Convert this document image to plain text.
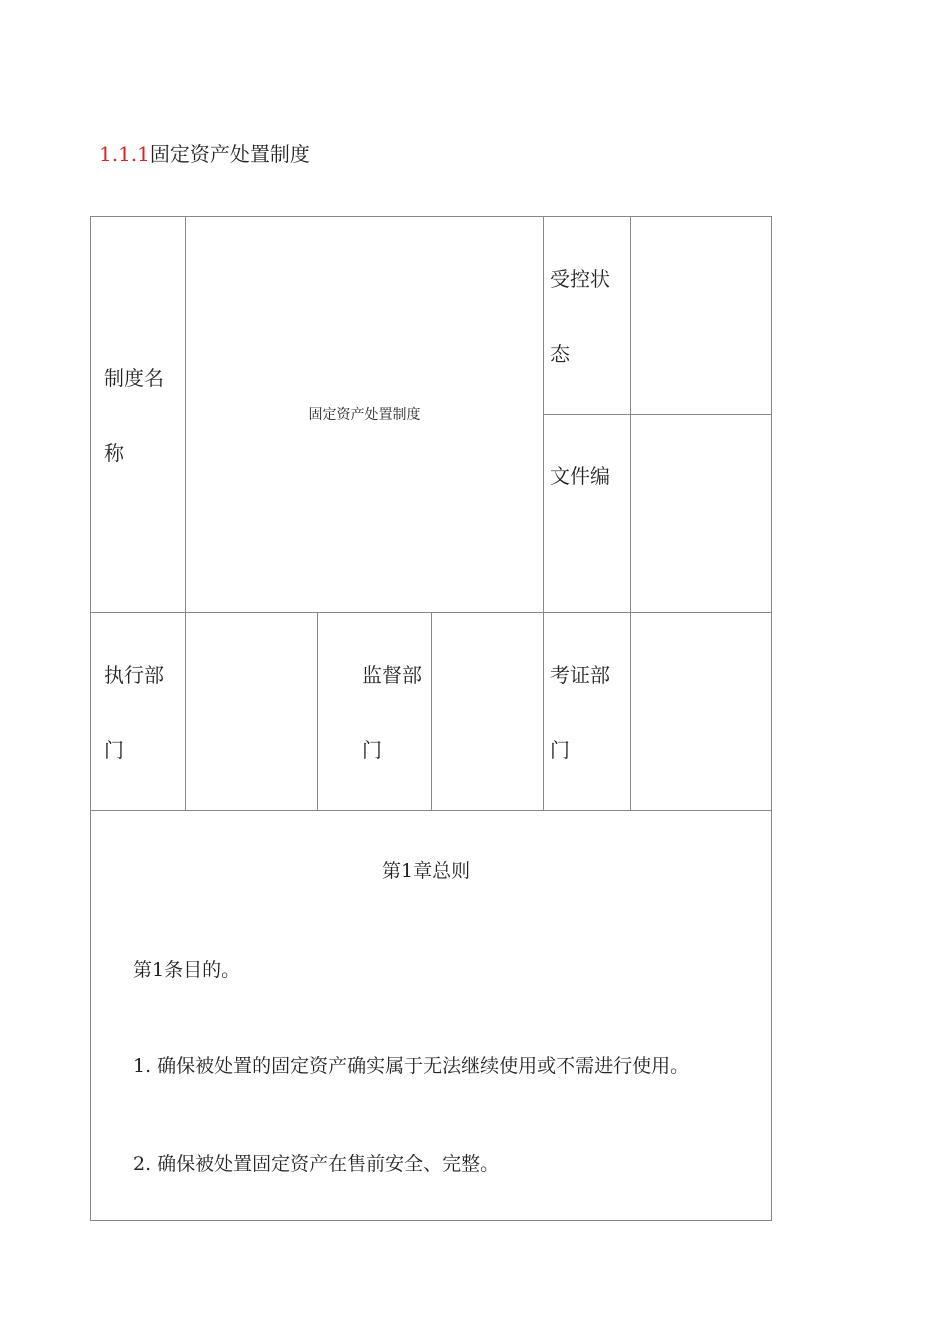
1.1.1固定资产处置制度
制度名
称
固定资产处置制度
受控状
态
文件编
执行部
门
监督部
门
考证部
门
第1章总则
第1条目的。
1. 确保被处置的固定资产确实属于无法继续使用或不需进行使用。
2. 确保被处置固定资产在售前安全、完整。
